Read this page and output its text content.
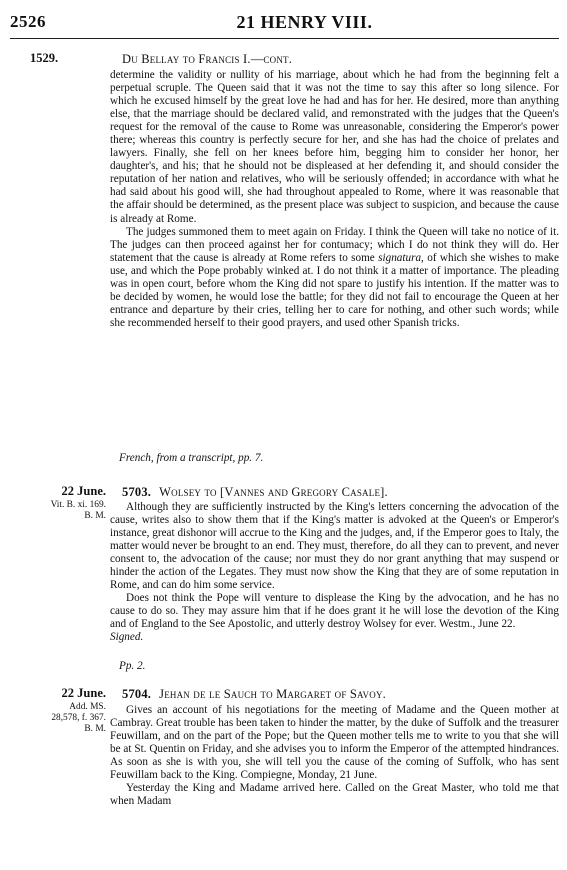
2526	21 HENRY VIII.
1529.	Du Bellay to Francis I.—cont.

determine the validity or nullity of his marriage, about which he had from the beginning felt a perpetual scruple. The Queen said that it was not the time to say this after so long silence. For which he excused himself by the great love he had and has for her. He desired, more than anything else, that the marriage should be declared valid, and remonstrated with the judges that the Queen's request for the removal of the cause to Rome was unreasonable, considering the Emperor's power there; whereas this country is perfectly secure for her, and she has had the choice of prelates and lawyers. Finally, she fell on her knees before him, begging him to consider her honor, her daughter's, and his; that he should not be displeased at her defending it, and should consider the reputation of her nation and relatives, who will be seriously offended; in accordance with what he had said about his good will, she had throughout appealed to Rome, where it was reasonable that the affair should be determined, as the present place was subject to suspicion, and because the cause is already at Rome.

The judges summoned them to meet again on Friday. I think the Queen will take no notice of it. The judges can then proceed against her for contumacy; which I do not think they will do. Her statement that the cause is already at Rome refers to some signatura, of which she wishes to make use, and which the Pope probably winked at. I do not think it a matter of importance. The pleading was in open court, before whom the King did not spare to justify his intention. If the matter was to be decided by women, he would lose the battle; for they did not fail to encourage the Queen at her entrance and departure by their cries, telling her to care for nothing, and other such words; while she recommended herself to their good prayers, and used other Spanish tricks.

French, from a transcript, pp. 7.
22 June.
Vit. B. xi. 169.
B. M.
5703. Wolsey to [Vannes and Gregory Casale].

Although they are sufficiently instructed by the King's letters concerning the advocation of the cause, writes also to show them that if the King's matter is advoked at the Queen's or Emperor's instance, great dishonor will accrue to the King and the judges, and, if the Emperor goes to Italy, the matter would never be brought to an end. They must, therefore, do all they can to prevent, and never consent to, the advocation of the cause; nor must they do nor grant anything that may suspend or hinder the action of the Legates. They must now show the King that they are of some reputation in Rome, and can do him some service.

Does not think the Pope will venture to displease the King by the advocation, and he has no cause to do so. They may assure him that if he does grant it he will lose the devotion of the King and of England to the See Apostolic, and utterly destroy Wolsey for ever. Westm., June 22.

Signed.

Pp. 2.
22 June.
Add. MS.
28,578, f. 367.
B. M.
5704. Jehan de le Sauch to Margaret of Savoy.

Gives an account of his negotiations for the meeting of Madame and the Queen mother at Cambray. Great trouble has been taken to hinder the matter, by the duke of Suffolk and the treasurer Feuwillam, and on the part of the Pope; but the Queen mother tells me to write to you that she will be at St. Quentin on Friday, and she advises you to inform the Emperor of the attempted hindrances. As soon as she is with you, she will tell you the cause of the coming of Suffolk, who has sent Feuwillam back to the King. Compiegne, Monday, 21 June.

Yesterday the King and Madame arrived here. Called on the Great Master, who told me that when Madam
